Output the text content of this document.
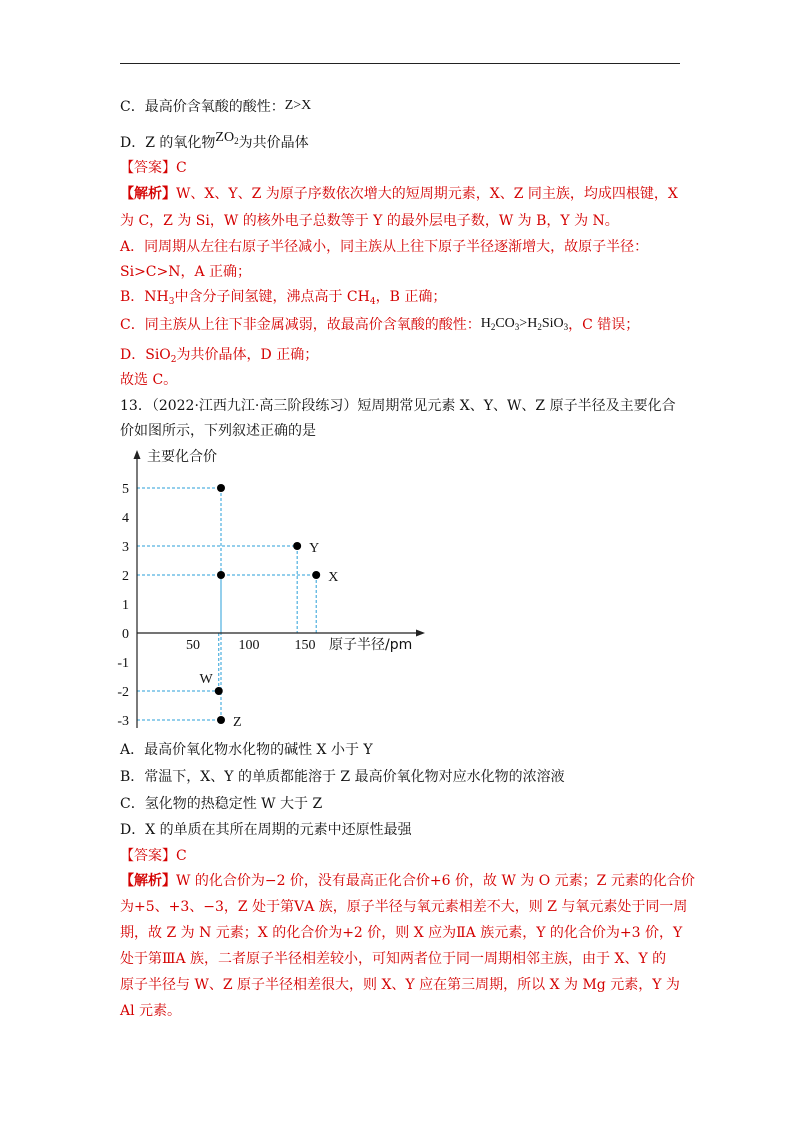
C．最高价含氧酸的酸性：Z>X
D．Z 的氧化物$ZO_2$为共价晶体
【答案】C
【解析】W、X、Y、Z 为原子序数依次增大的短周期元素，X、Z 同主族，均成四根键，X
为 C，Z 为 Si，W 的核外电子总数等于 Y 的最外层电子数，W 为 B，Y 为 N。
A．同周期从左往右原子半径减小，同主族从上往下原子半径逐渐增大，故原子半径：
Si>C>N，A 正确；
B．$NH_3$中含分子间氢键，沸点高于 $CH_4$，B 正确；
C．同主族从上往下非金属减弱，故最高价含氧酸的酸性：$H_2CO_3>H_2SiO_3$，C 错误；
D．SiO$_2$为共价晶体，D 正确；
故选 C。
13．（2022·江西九江·高三阶段练习）短周期常见元素 X、Y、W、Z 原子半径及主要化合
价如图所示，下列叙述正确的是
主要化合价
原子半径/pm
5
4
3
2
1
0
-1
-2
-3
50	100	150
Z
W
Y
X
A．最高价氧化物水化物的碱性 X 小于 Y
B．常温下，X、Y 的单质都能溶于 Z 最高价氧化物对应水化物的浓溶液
C．氢化物的热稳定性 W 大于 Z
D．X 的单质在其所在周期的元素中还原性最强
【答案】C
【解析】W 的化合价为−2 价，没有最高正化合价+6 价，故 W 为 O 元素；Z 元素的化合价
为+5、+3、−3，Z 处于第ⅤA 族，原子半径与氧元素相差不大，则 Z 与氧元素处于同一周
期，故 Z 为 N 元素；X 的化合价为+2 价，则 X 应为ⅡA 族元素，Y 的化合价为+3 价，Y
处于第ⅢA 族，二者原子半径相差较小，可知两者位于同一周期相邻主族，由于 X、Y 的
原子半径与 W、Z 原子半径相差很大，则 X、Y 应在第三周期，所以 X 为 Mg 元素，Y 为
Al 元素。
